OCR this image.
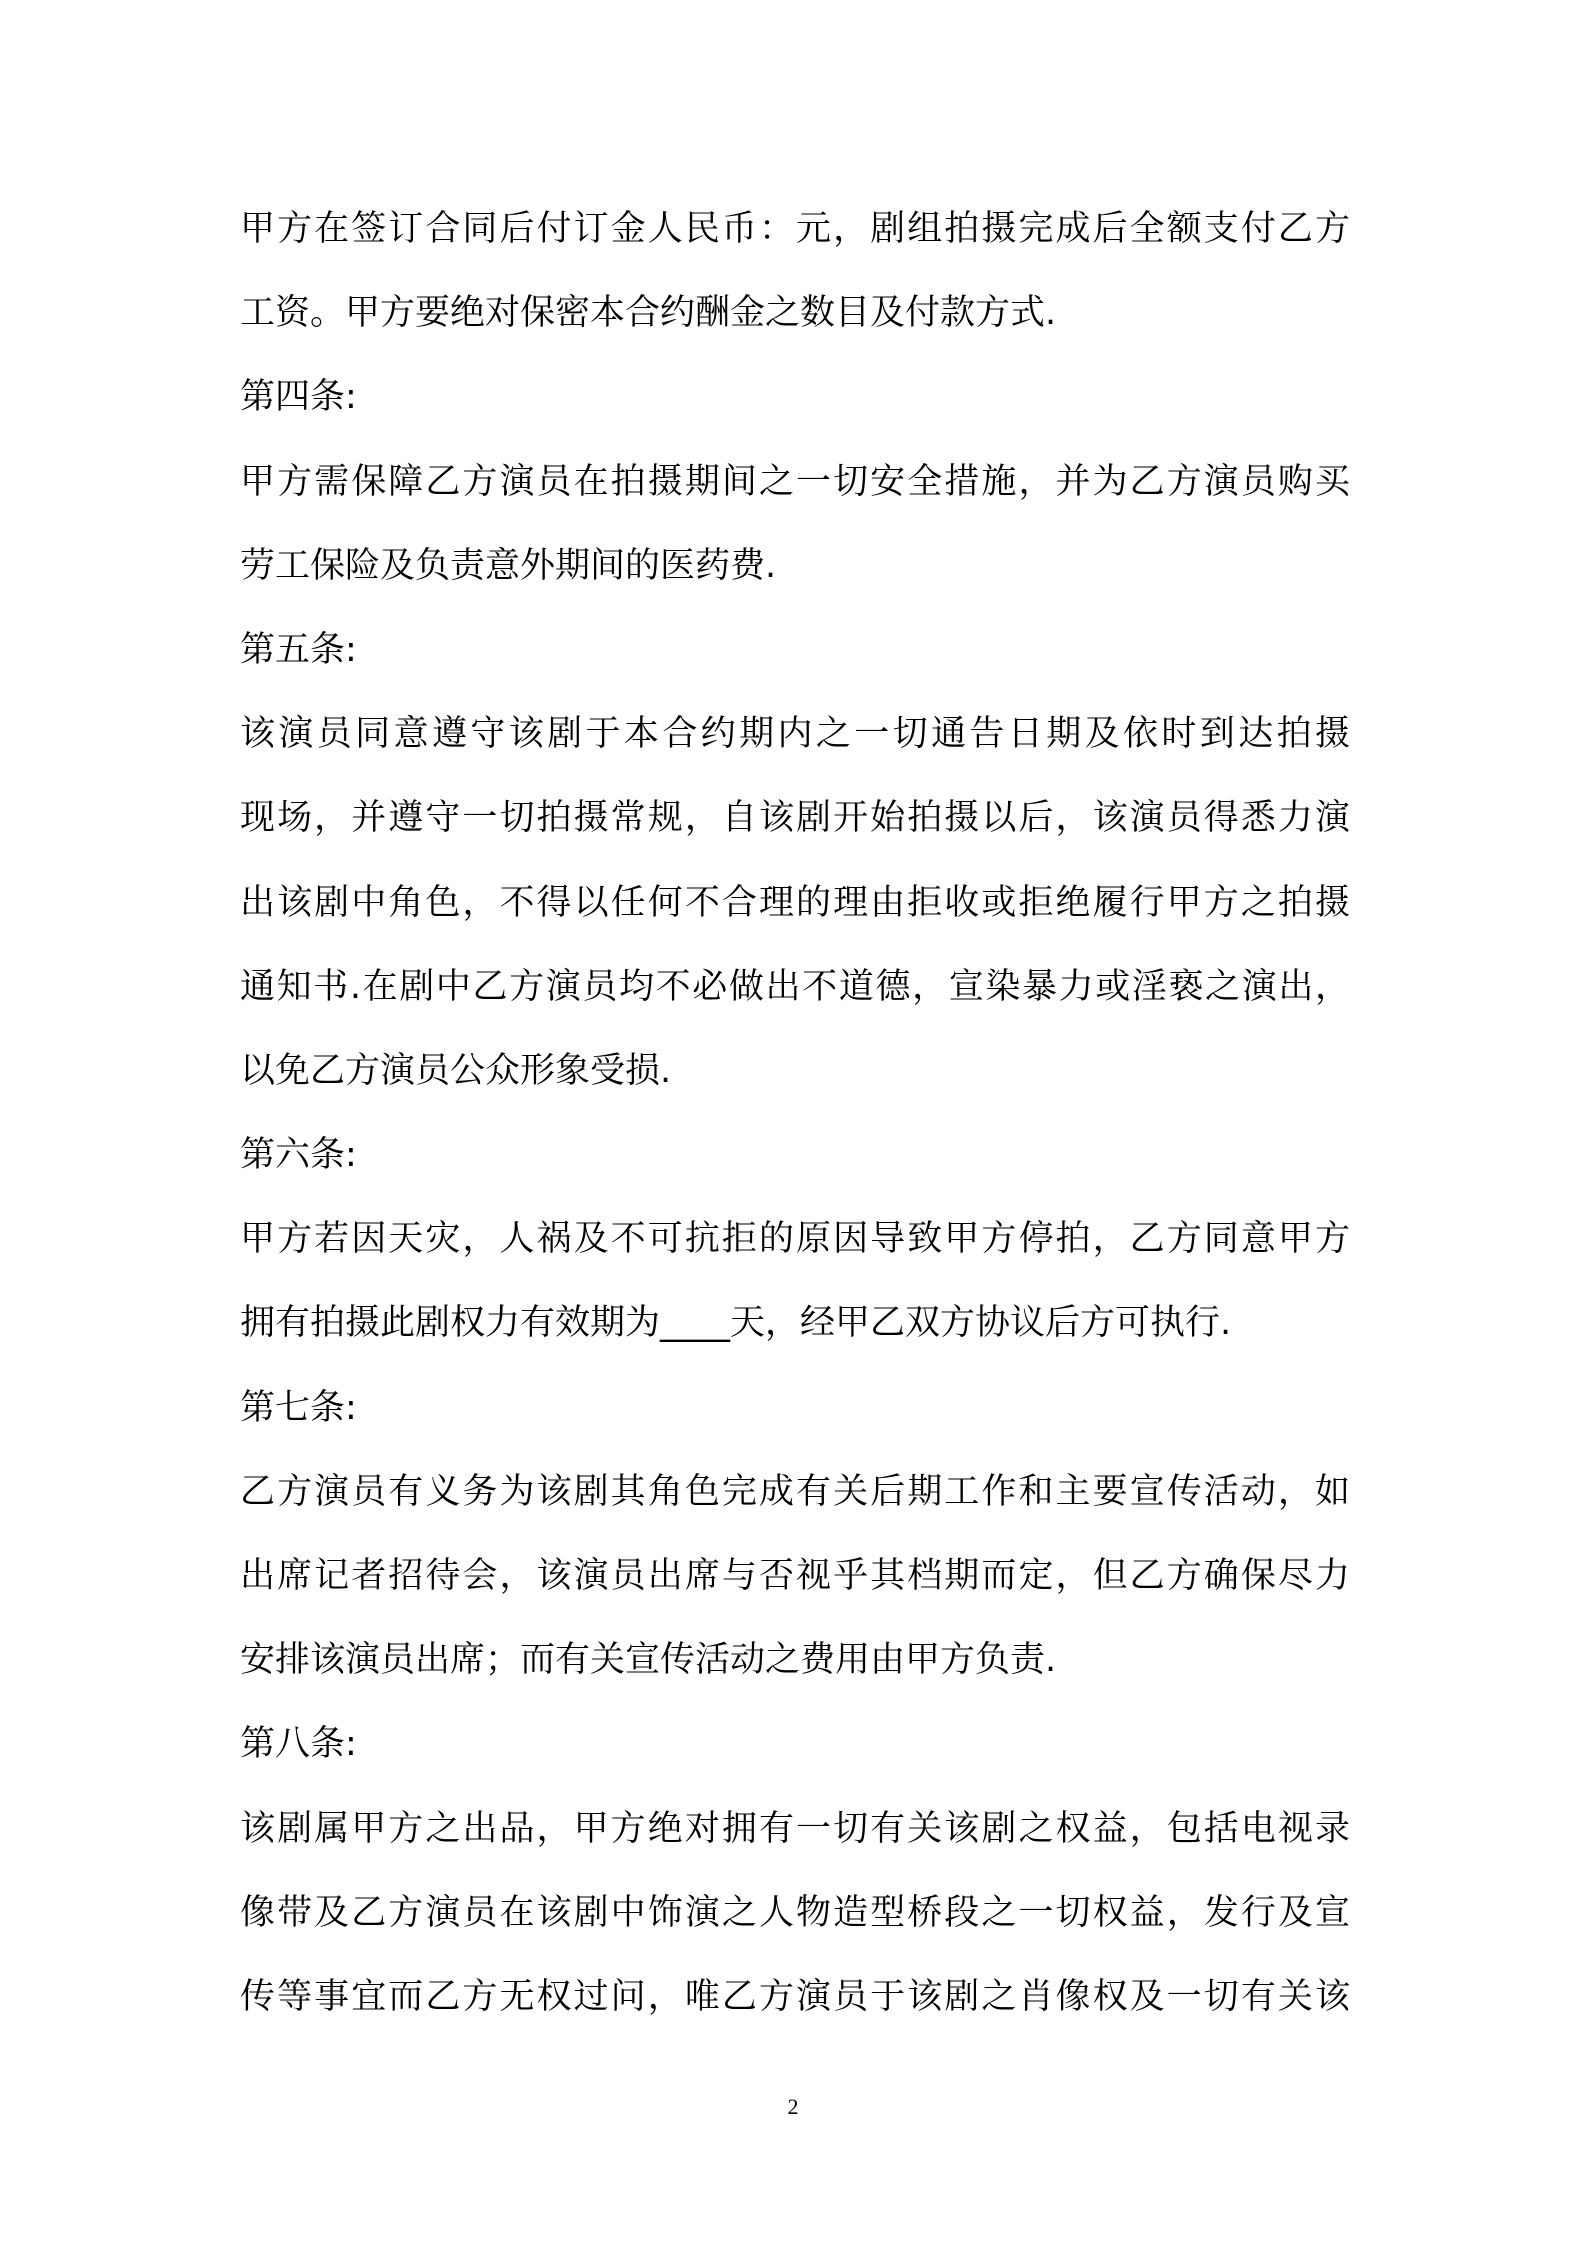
甲方在签订合同后付订金人民币：元，剧组拍摄完成后全额支付乙方
工资。甲方要绝对保密本合约酬金之数目及付款方式.
第四条:
甲方需保障乙方演员在拍摄期间之一切安全措施，并为乙方演员购买
劳工保险及负责意外期间的医药费.
第五条:
该演员同意遵守该剧于本合约期内之一切通告日期及依时到达拍摄
现场，并遵守一切拍摄常规，自该剧开始拍摄以后，该演员得悉力演
出该剧中角色，不得以任何不合理的理由拒收或拒绝履行甲方之拍摄
通知书.在剧中乙方演员均不必做出不道德，宣染暴力或淫亵之演出，
以免乙方演员公众形象受损.
第六条:
甲方若因天灾，人祸及不可抗拒的原因导致甲方停拍，乙方同意甲方
拥有拍摄此剧权力有效期为____天，经甲乙双方协议后方可执行.
第七条:
乙方演员有义务为该剧其角色完成有关后期工作和主要宣传活动，如
出席记者招待会，该演员出席与否视乎其档期而定，但乙方确保尽力
安排该演员出席；而有关宣传活动之费用由甲方负责.
第八条:
该剧属甲方之出品，甲方绝对拥有一切有关该剧之权益，包括电视录
像带及乙方演员在该剧中饰演之人物造型桥段之一切权益，发行及宣
传等事宜而乙方无权过问，唯乙方演员于该剧之肖像权及一切有关该
2
